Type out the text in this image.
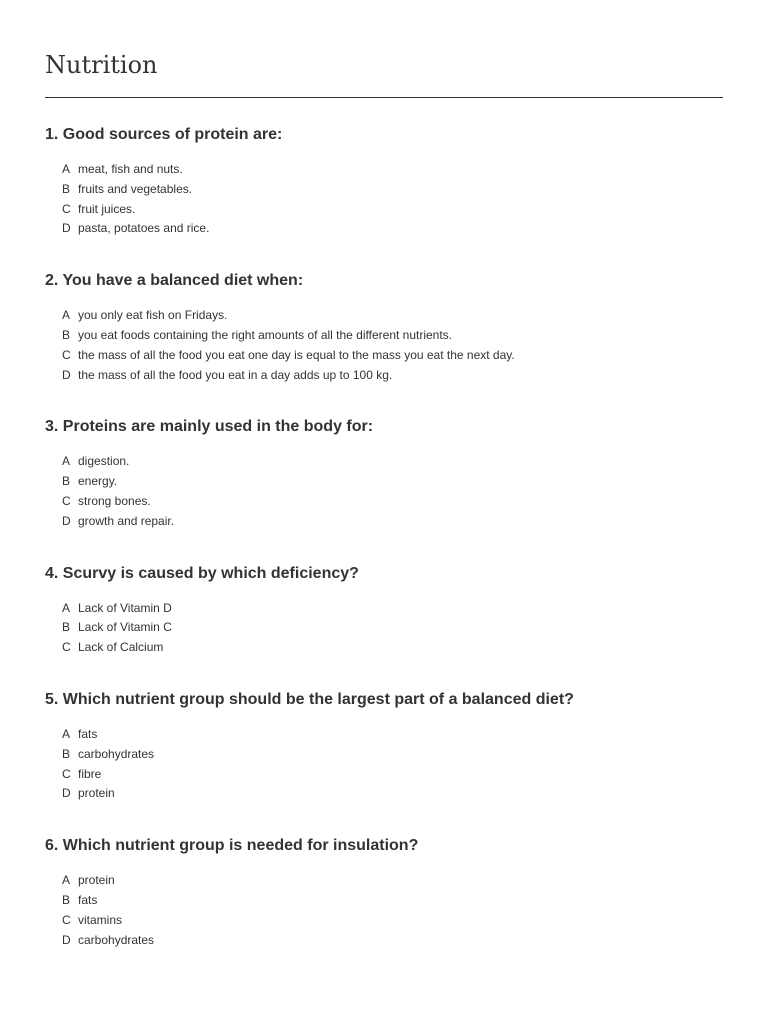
Nutrition
1. Good sources of protein are:
A meat, fish and nuts.
B fruits and vegetables.
C fruit juices.
D pasta, potatoes and rice.
2. You have a balanced diet when:
A you only eat fish on Fridays.
B you eat foods containing the right amounts of all the different nutrients.
C the mass of all the food you eat one day is equal to the mass you eat the next day.
D the mass of all the food you eat in a day adds up to 100 kg.
3. Proteins are mainly used in the body for:
A digestion.
B energy.
C strong bones.
D growth and repair.
4. Scurvy is caused by which deficiency?
A Lack of Vitamin D
B Lack of Vitamin C
C Lack of Calcium
5. Which nutrient group should be the largest part of a balanced diet?
A fats
B carbohydrates
C fibre
D protein
6. Which nutrient group is needed for insulation?
A protein
B fats
C vitamins
D carbohydrates
